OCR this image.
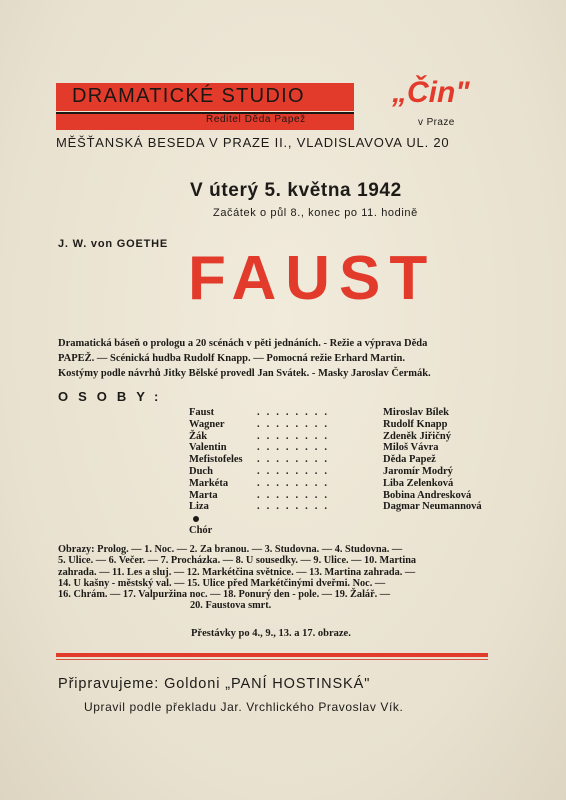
DRAMATICKÉ STUDIO
Ředitel Děda Papež
„Čin"
v Praze
MĚŠŤANSKÁ BESEDA V PRAZE II., VLADISLAVOVA UL. 20
V úterý 5. května 1942
Začátek o půl 8., konec po 11. hodině
J. W. von GOETHE FAUST
Dramatická báseň o prologu a 20 scénách v pěti jednáních. - Režie a výprava Děda
PAPEŽ. — Scénická hudba Rudolf Knapp. — Pomocná režie Erhard Martin.
Kostýmy podle návrhů Jitky Bělské provedl Jan Svátek. - Masky Jaroslav Čermák.
OSOBY:
Faust	........	Miroslav Bílek
Wagner	........	Rudolf Knapp
Žák	........	Zdeněk Jiřičný
Valentin	........	Miloš Vávra
Mefistofeles ........	Děda Papež
Duch	........	Jaromír Modrý
Markéta	........	Liba Zelenková
Marta	........	Bobina Andresková
Liza	........	Dagmar Neumannová
Chór
Obrazy: Prolog. — 1. Noc. — 2. Za branou. — 3. Studovna. — 4. Studovna. —
5. Ulice. — 6. Večer. — 7. Procházka. — 8. U sousedky. — 9. Ulice. — 10. Martina
zahrada. — 11. Les a sluj. — 12. Markétčina světnice. — 13. Martina zahrada. —
14. U kašny - městský val. — 15. Ulice před Markétčinými dveřmi. Noc. —
16. Chrám. — 17. Valpuržina noc. — 18. Ponurý den - pole. — 19. Žalář. —
20. Faustova smrt.
Přestávky po 4., 9., 13. a 17. obraze.
Připravujeme: Goldoni „PANÍ HOSTINSKÁ"
Upravil podle překladu Jar. Vrchlického Pravoslav Vík.
